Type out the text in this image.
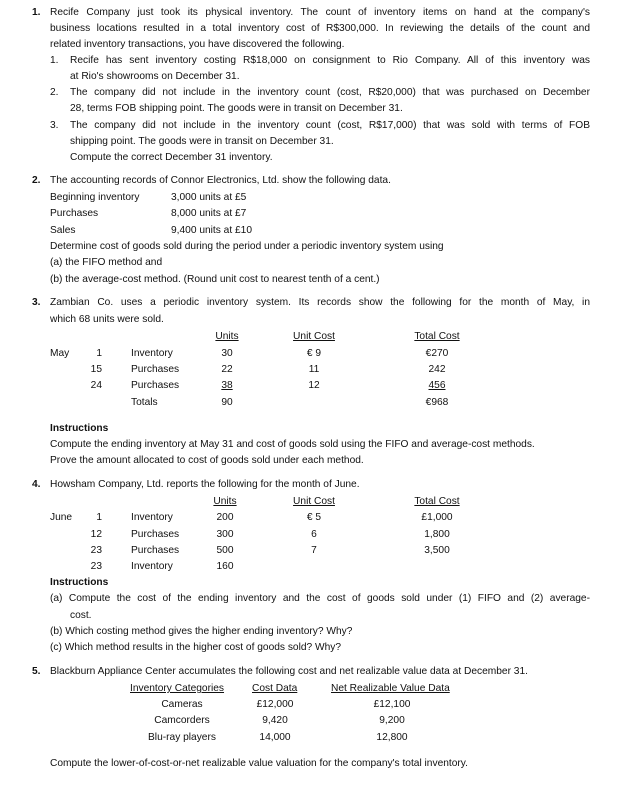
1. Recife Company just took its physical inventory. The count of inventory items on hand at the company's
business locations resulted in a total inventory cost of R$300,000. In reviewing the details of the count and
related inventory transactions, you have discovered the following.
1. Recife has sent inventory costing R$18,000 on consignment to Rio Company. All of this inventory was
at Rio's showrooms on December 31.
2. The company did not include in the inventory count (cost, R$20,000) that was purchased on December
28, terms FOB shipping point. The goods were in transit on December 31.
3. The company did not include in the inventory count (cost, R$17,000) that was sold with terms of FOB
shipping point. The goods were in transit on December 31.
Compute the correct December 31 inventory.
2. The accounting records of Connor Electronics, Ltd. show the following data.
Beginning inventory	3,000 units at £5
Purchases	8,000 units at £7
Sales	9,400 units at £10
Determine cost of goods sold during the period under a periodic inventory system using
(a) the FIFO method and
(b) the average-cost method. (Round unit cost to nearest tenth of a cent.)
3. Zambian Co. uses a periodic inventory system. Its records show the following for the month of May, in
which 68 units were sold.
Units	Unit Cost	Total Cost
May	1	Inventory	30	€ 9	€270
15	Purchases	22	11	242
24	Purchases	38	12	456
Totals	90	€968
Instructions
Compute the ending inventory at May 31 and cost of goods sold using the FIFO and average-cost methods.
Prove the amount allocated to cost of goods sold under each method.
4. Howsham Company, Ltd. reports the following for the month of June.
Units	Unit Cost	Total Cost
June	1	Inventory	200	€ 5	£1,000
12	Purchases	300	6	1,800
23	Purchases	500	7	3,500
23	Inventory	160
Instructions
(a) Compute the cost of the ending inventory and the cost of goods sold under (1) FIFO and (2) average-
cost.
(b) Which costing method gives the higher ending inventory? Why?
(c) Which method results in the higher cost of goods sold? Why?
5. Blackburn Appliance Center accumulates the following cost and net realizable value data at December 31.
Inventory Categories	Cost Data	Net Realizable Value Data
Cameras	£12,000	£12,100
Camcorders	9,420	9,200
Blu-ray players	14,000	12,800
Compute the lower-of-cost-or-net realizable value valuation for the company's total inventory.
